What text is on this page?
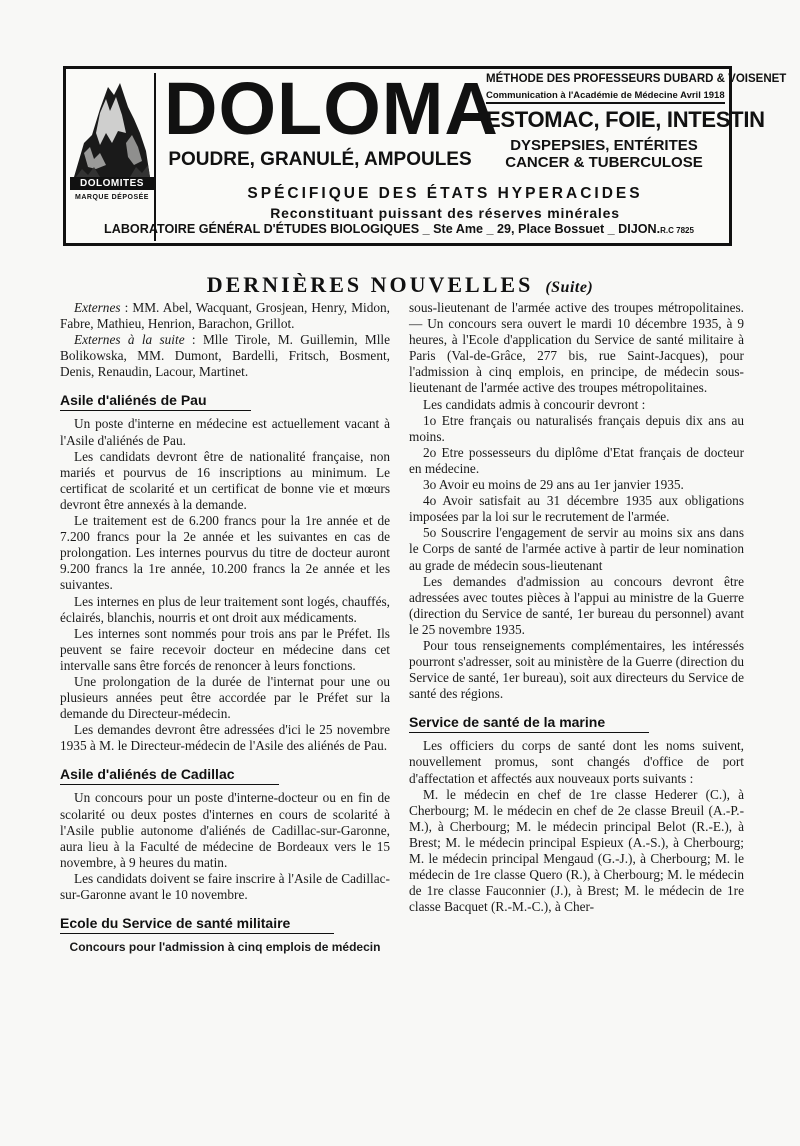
DOLOMITES
MARQUE DÉPOSÉE
DOLOMA
POUDRE, GRANULÉ, AMPOULES
MÉTHODE DES PROFESSEURS DUBARD & VOISENET
Communication à l'Académie de Médecine Avril 1918
ESTOMAC, FOIE, INTESTIN
DYSPEPSIES, ENTÉRITES
CANCER & TUBERCULOSE
SPÉCIFIQUE DES ÉTATS HYPERACIDES
Reconstituant puissant des réserves minérales
LABORATOIRE GÉNÉRAL D'ÉTUDES BIOLOGIQUES _ Ste Ame _ 29, Place Bossuet _ DIJON.R.C 7825
DERNIÈRES NOUVELLES (Suite)

Externes : MM. Abel, Wacquant, Grosjean, Henry, Midon, Fabre, Mathieu, Henrion, Barachon, Grillot.

Externes à la suite : Mlle Tirole, M. Guillemin, Mlle Bolikowska, MM. Dumont, Bardelli, Fritsch, Bosment, Denis, Renaudin, Lacour, Martinet.

Asile d'aliénés de Pau

Un poste d'interne en médecine est actuellement vacant à l'Asile d'aliénés de Pau.

Les candidats devront être de nationalité française, non mariés et pourvus de 16 inscriptions au minimum. Le certificat de scolarité et un certificat de bonne vie et mœurs devront être annexés à la demande.

Le traitement est de 6.200 francs pour la 1re année et de 7.200 francs pour la 2e année et les suivantes en cas de prolongation. Les internes pourvus du titre de docteur auront 9.200 francs la 1re année, 10.200 francs la 2e année et les suivantes.

Les internes en plus de leur traitement sont logés, chauffés, éclairés, blanchis, nourris et ont droit aux médicaments.

Les internes sont nommés pour trois ans par le Préfet. Ils peuvent se faire recevoir docteur en médecine dans cet intervalle sans être forcés de renoncer à leurs fonctions.

Une prolongation de la durée de l'internat pour une ou plusieurs années peut être accordée par le Préfet sur la demande du Directeur-médecin.

Les demandes devront être adressées d'ici le 25 novembre 1935 à M. le Directeur-médecin de l'Asile des aliénés de Pau.

Asile d'aliénés de Cadillac

Un concours pour un poste d'interne-docteur ou en fin de scolarité ou deux postes d'internes en cours de scolarité à l'Asile publie autonome d'aliénés de Cadillac-sur-Garonne, aura lieu à la Faculté de médecine de Bordeaux vers le 15 novembre, à 9 heures du matin.

Les candidats doivent se faire inscrire à l'Asile de Cadillac-sur-Garonne avant le 10 novembre.

Ecole du Service de santé militaire
Concours pour l'admission à cinq emplois de médecin

sous-lieutenant de l'armée active des troupes métropolitaines. — Un concours sera ouvert le mardi 10 décembre 1935, à 9 heures, à l'Ecole d'application du Service de santé militaire à Paris (Val-de-Grâce, 277 bis, rue Saint-Jacques), pour l'admission à cinq emplois, en principe, de médecin sous-lieutenant de l'armée active des troupes métropolitaines.

Les candidats admis à concourir devront :

1o Etre français ou naturalisés français depuis dix ans au moins.

2o Etre possesseurs du diplôme d'Etat français de docteur en médecine.

3o Avoir eu moins de 29 ans au 1er janvier 1935.

4o Avoir satisfait au 31 décembre 1935 aux obligations imposées par la loi sur le recrutement de l'armée.

5o Souscrire l'engagement de servir au moins six ans dans le Corps de santé de l'armée active à partir de leur nomination au grade de médecin sous-lieutenant

Les demandes d'admission au concours devront être adressées avec toutes pièces à l'appui au ministre de la Guerre (direction du Service de santé, 1er bureau du personnel) avant le 25 novembre 1935.

Pour tous renseignements complémentaires, les intéressés pourront s'adresser, soit au ministère de la Guerre (direction du Service de santé, 1er bureau), soit aux directeurs du Service de santé des régions.

Service de santé de la marine

Les officiers du corps de santé dont les noms suivent, nouvellement promus, sont changés d'office de port d'affectation et affectés aux nouveaux ports suivants :

M. le médecin en chef de 1re classe Hederer (C.), à Cherbourg; M. le médecin en chef de 2e classe Breuil (A.-P.-M.), à Cherbourg; M. le médecin principal Belot (R.-E.), à Brest; M. le médecin principal Espieux (A.-S.), à Cherbourg; M. le médecin principal Mengaud (G.-J.), à Cherbourg; M. le médecin de 1re classe Quero (R.), à Cherbourg; M. le médecin de 1re classe Fauconnier (J.), à Brest; M. le médecin de 1re classe Bacquet (R.-M.-C.), à Cher-
